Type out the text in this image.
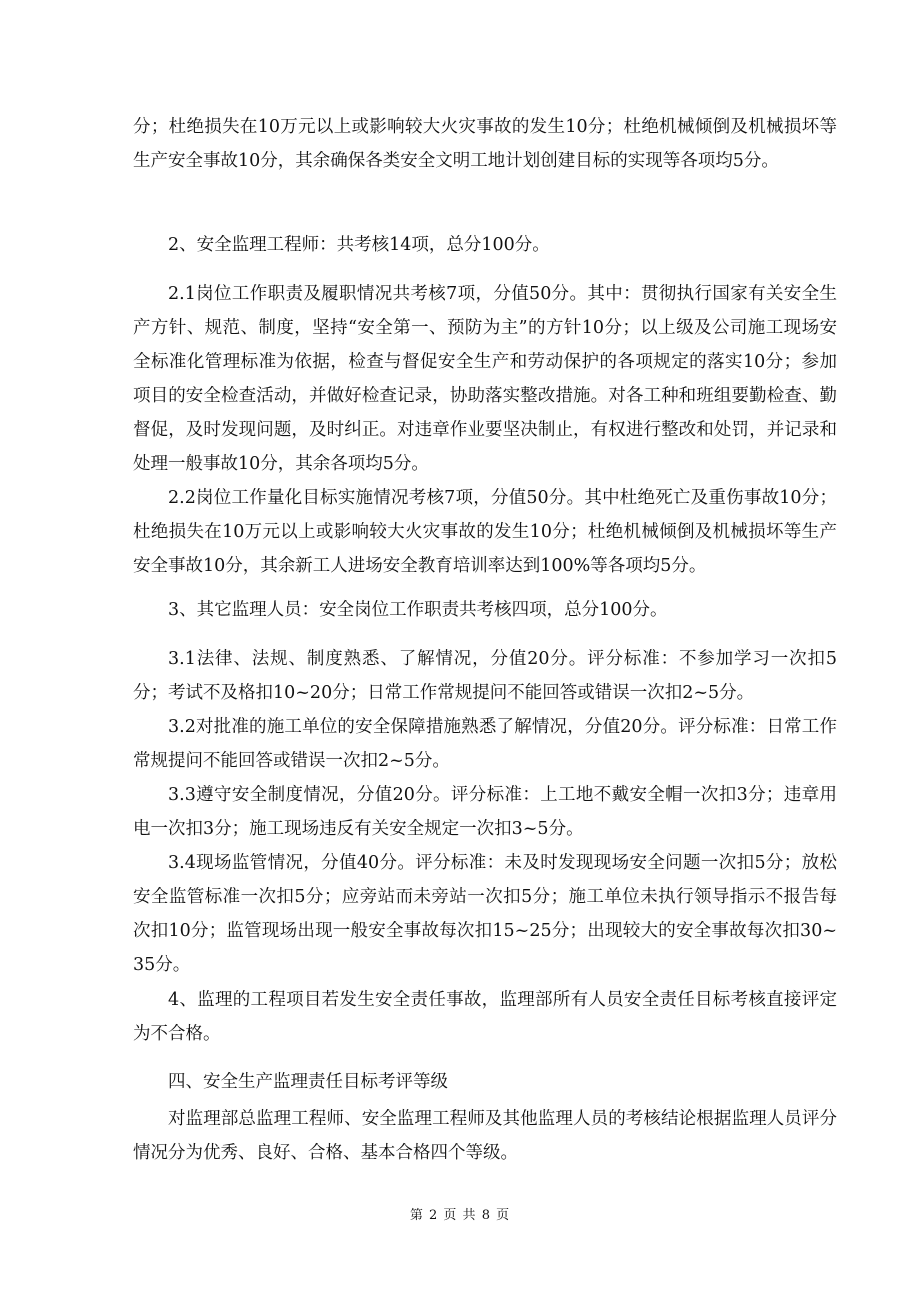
分；杜绝损失在10万元以上或影响较大火灾事故的发生10分；杜绝机械倾倒及机械损坏等生产安全事故10分，其余确保各类安全文明工地计划创建目标的实现等各项均5分。

2、安全监理工程师：共考核14项，总分100分。

2.1岗位工作职责及履职情况共考核7项，分值50分。其中：贯彻执行国家有关安全生产方针、规范、制度，坚持“安全第一、预防为主”的方针10分；以上级及公司施工现场安全标准化管理标准为依据，检查与督促安全生产和劳动保护的各项规定的落实10分；参加项目的安全检查活动，并做好检查记录，协助落实整改措施。对各工种和班组要勤检查、勤督促，及时发现问题，及时纠正。对违章作业要坚决制止，有权进行整改和处罚，并记录和处理一般事故10分，其余各项均5分。

2.2岗位工作量化目标实施情况考核7项，分值50分。其中杜绝死亡及重伤事故10分；杜绝损失在10万元以上或影响较大火灾事故的发生10分；杜绝机械倾倒及机械损坏等生产安全事故10分，其余新工人进场安全教育培训率达到100%等各项均5分。

3、其它监理人员：安全岗位工作职责共考核四项，总分100分。

3.1法律、法规、制度熟悉、了解情况，分值20分。评分标准：不参加学习一次扣5分；考试不及格扣10~20分；日常工作常规提问不能回答或错误一次扣2~5分。

3.2对批准的施工单位的安全保障措施熟悉了解情况，分值20分。评分标准：日常工作常规提问不能回答或错误一次扣2~5分。

3.3遵守安全制度情况，分值20分。评分标准：上工地不戴安全帽一次扣3分；违章用电一次扣3分；施工现场违反有关安全规定一次扣3~5分。

3.4现场监管情况，分值40分。评分标准：未及时发现现场安全问题一次扣5分；放松安全监管标准一次扣5分；应旁站而未旁站一次扣5分；施工单位未执行领导指示不报告每次扣10分；监管现场出现一般安全事故每次扣15~25分；出现较大的安全事故每次扣30~35分。

4、监理的工程项目若发生安全责任事故，监理部所有人员安全责任目标考核直接评定为不合格。

四、安全生产监理责任目标考评等级

对监理部总监理工程师、安全监理工程师及其他监理人员的考核结论根据监理人员评分情况分为优秀、良好、合格、基本合格四个等级。

第 2 页 共 8 页
